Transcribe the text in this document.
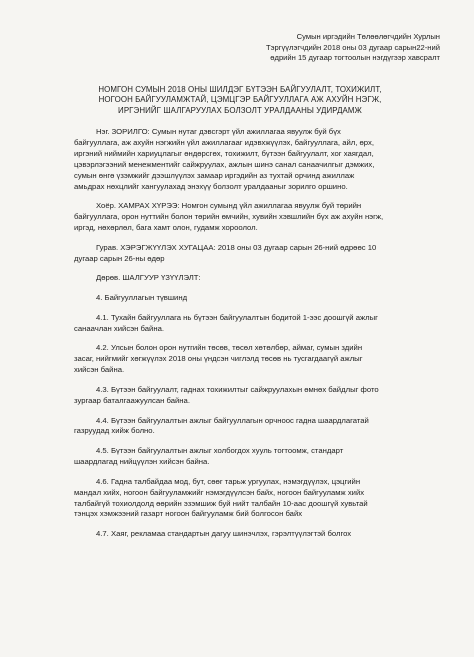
Сумын иргэдийн Төлөөлөгчдийн Хурлын
Тэргүүлэгчдийн 2018 оны 03 дугаар сарын22-ний
өдрийн 15 дугаар тогтоолын нэгдүгээр хавсралт
НОМГОН СУМЫН 2018 ОНЫ ШИЛДЭГ БҮТЭЭН БАЙГУУЛАЛТ, ТОХИЖИЛТ,
НОГООН БАЙГУУЛАМЖТАЙ, ЦЭМЦГЭР БАЙГУУЛЛАГА АЖ АХУЙН НЭГЖ,
ИРГЭНИЙГ ШАЛГАРУУЛАХ БОЛЗОЛТ УРАЛДААНЫ УДИРДАМЖ
Нэг. ЗОРИЛГО: Сумын нутаг дэвсгэрт үйл ажиллагаа явуулж буй бүх
байгууллага, аж ахуйн нэгжийн үйл ажиллагааг идэвхжүүлэх, байгууллага, айл, өрх,
иргэний ниймийн хариуцлагыг өндөрсгөх, тохижилт, бүтээн байгуулалт, хог хаягдал,
цэвэрлэгээний менежментийг сайжруулах, ажлын шинэ санал санаачилгыг дэмжих,
сумын өнгө үзэмжийг дээшлүүлэх замаар иргэдийн аз тухтай орчинд ажиллаж
амьдрах нөхцлийг хангуулахад энэхүү болзолт уралдааныг зорилго оршино.
Хоёр. ХАМРАХ ХҮРЭЭ: Номгон сумынд үйл ажиллагаа явуулж буй төрийн
байгууллага, орон нуттийн болон төрийн өмчийн, хувийн хэвшлийн бүх аж ахуйн нэгж,
иргэд, нөхөрлөл, бага хамт олон, гудамж хороолол.
Гурав. ХЭРЭГЖҮҮЛЭХ ХУГАЦАА: 2018 оны 03 дугаар сарын 26-ний өдрөөс 10
дугаар сарын 26-ны өдөр
Дөрөв. ШАЛГУУР ҮЗҮҮЛЭЛТ:
4. Байгууллагын түвшинд
4.1. Тухайн байгууллага нь бүтээн байгуулалтын бодитой 1-ээс доошгүй ажлыг
санаачлан хийсэн байна.
4.2. Улсын болон орон нутгийн төсөв, төсөл хөтөлбөр, аймаг, сумын здийн
засаг, нийгмийг хөгжүүлэх 2018 оны үндсэн чиглэлд төсөв нь тусгагдаагүй ажлыг
хийсэн байна.
4.3. Бүтээн байгуулалт, гаднах тохижилтыг сайжруулахын өмнөх байдлыг фото
зургаар баталгаажуулсан байна.
4.4. Бүтээн байгуулалтын ажлыг байгууллагын орчноос гадна шаардлагатай
газруудад хийж болно.
4.5. Бүтээн байгуулалтын ажлыг холбогдох хууль тогтоомж, стандарт
шаардлагад нийцүүлэн хийсэн байна.
4.6. Гадна талбайдаа мод, бут, сөөг тарьж ургуулах, нэмэгдүүлэх, цэцгийн
мандал хийх, ногоон байгууламжийг нэмэгдүүлсэн байх, ногоон байгууламж хийх
талбайгүй тохиолдолд өөрийн эзэмшиж буй нийт талбайн 10-аас доошгүй хувьтай
тэнцэх хэмжээний газарт ногоон байгууламж бий болгосон байх
4.7. Хаяг, рекламаа стандартын дагуу шинэчлэх, гэрэлтүүлэгтэй болгох
